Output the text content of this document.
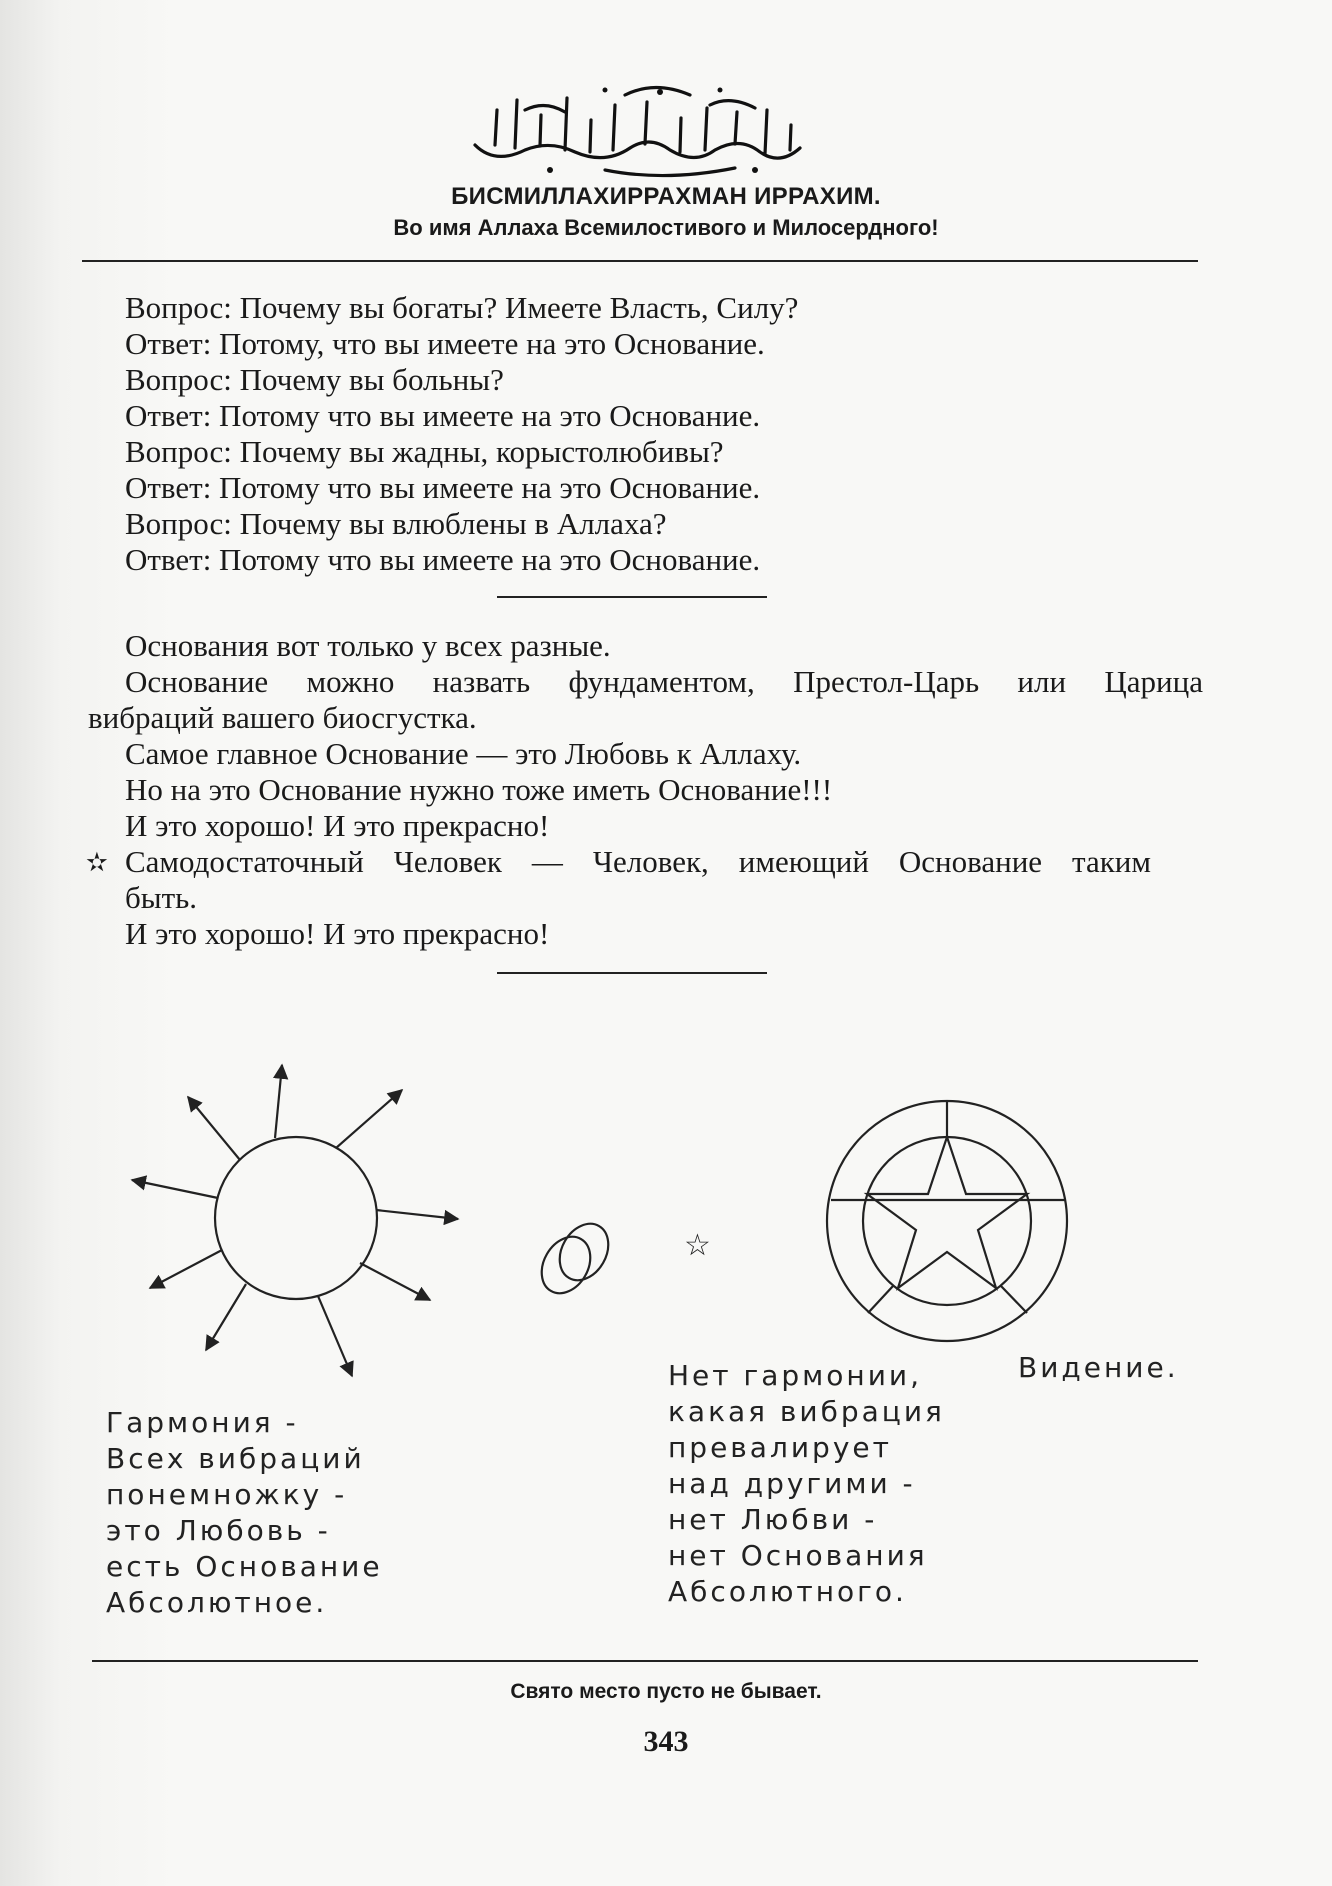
БИСМИЛЛАХИРРАХМАН ИРРАХИМ.
Во имя Аллаха Всемилостивого и Милосердного!
Вопрос: Почему вы богаты? Имеете Власть, Силу?
Ответ: Потому, что вы имеете на это Основание.
Вопрос: Почему вы больны?
Ответ: Потому что вы имеете на это Основание.
Вопрос: Почему вы жадны, корыстолюбивы?
Ответ: Потому что вы имеете на это Основание.
Вопрос: Почему вы влюблены в Аллаха?
Ответ: Потому что вы имеете на это Основание.
Основания вот только у всех разные.
Основание можно назвать фундаментом, Престол-Царь или Царица
вибраций вашего биосгустка.
Самое главное Основание — это Любовь к Аллаху.
Но на это Основание нужно тоже иметь Основание!!!
И это хорошо! И это прекрасно!
Самодостаточный Человек — Человек, имеющий Основание таким
быть.
И это хорошо! И это прекрасно!
✫
☆
Гармония -
Всех вибраций
понемножку -
это Любовь -
есть Основание
Абсолютное.
Нет гармонии,
какая вибрация
превалирует
над другими -
нет Любви -
нет Основания
Абсолютного.
Видение.
Свято место пусто не бывает.
343
